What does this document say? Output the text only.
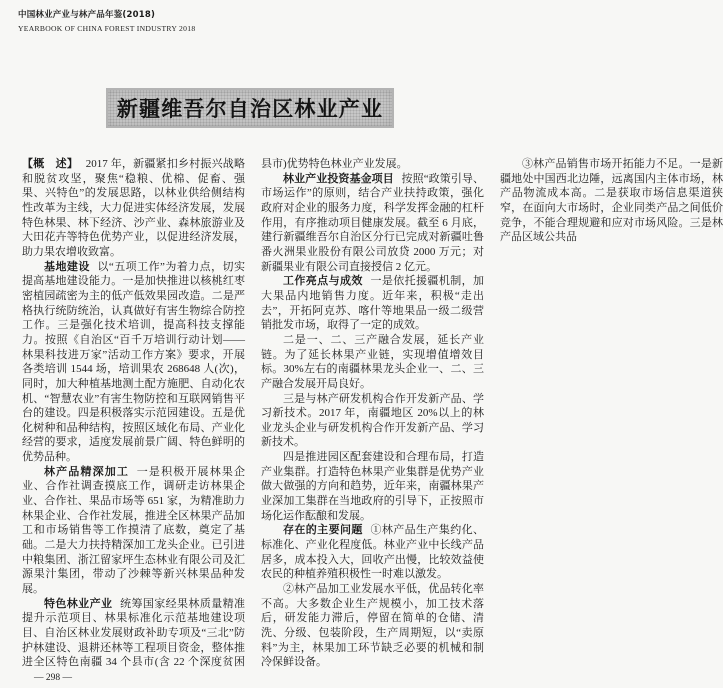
中国林业产业与林产品年鉴(2018)
YEARBOOK OF CHINA FOREST INDUSTRY 2018
新疆维吾尔自治区林业产业

【概　述】 2017 年，新疆紧扣乡村振兴战略和脱贫攻坚，聚焦“稳粮、优棉、促畜、强果、兴特色”的发展思路，以林业供给侧结构性改革为主线，大力促进实体经济发展，发展特色林果、林下经济、沙产业、森林旅游业及大田花卉等特色优势产业，以促进经济发展，助力果农增收致富。

基地建设 以“五项工作”为着力点，切实提高基地建设能力。一是加快推进以核桃红枣密植园疏密为主的低产低效果园改造。二是严格执行统防统治，认真做好有害生物综合防控工作。三是强化技术培训，提高科技支撑能力。按照《自治区“百千万培训行动计划——林果科技进万家”活动工作方案》要求，开展各类培训 1544 场，培训果农 268648 人(次)，同时，加大种植基地测土配方施肥、自动化农机、“智慧农业”有害生物防控和互联网销售平台的建设。四是积极落实示范园建设。五是优化树种和品种结构，按照区域化布局、产业化经营的要求，适度发展前景广阔、特色鲜明的优势品种。

林产品精深加工 一是积极开展林果企业、合作社调查摸底工作，调研走访林果企业、合作社、果品市场等 651 家，为精准助力林果企业、合作社发展，推进全区林果产品加工和市场销售等工作摸清了底数，奠定了基础。二是大力扶持精深加工龙头企业。已引进中粮集团、浙江留家坪生态林业有限公司及汇源果汁集团，带动了沙棘等新兴林果品种发展。

特色林业产业 统筹国家经果林质量精准提升示范项目、林果标准化示范基地建设项目、自治区林业发展财政补助专项及“三北”防护林建设、退耕还林等工程项目资金，整体推进全区特色南疆 34 个县市(含 22 个深度贫困县市)优势特色林业产业发展。

林业产业投资基金项目 按照“政策引导、市场运作”的原则，结合产业扶持政策，强化政府对企业的服务力度，科学发挥金融的杠杆作用，有序推动项目健康发展。截至 6 月底，建行新疆维吾尔自治区分行已完成对新疆吐鲁番火洲果业股份有限公司放贷 2000 万元；对新疆果业有限公司直接授信 2 亿元。

工作亮点与成效 一是依托援疆机制，加大果品内地销售力度。近年来，积极“走出去”，开拓阿克苏、喀什等地果品一级二级营销批发市场，取得了一定的成效。

二是一、二、三产融合发展，延长产业链。为了延长林果产业链，实现增值增效目标。30%左右的南疆林果龙头企业一、二、三产融合发展开局良好。

三是与林产研发机构合作开发新产品、学习新技术。2017 年，南疆地区 20%以上的林业龙头企业与研发机构合作开发新产品、学习新技术。

四是推进园区配套建设和合理布局，打造产业集群。打造特色林果产业集群是优势产业做大做强的方向和趋势，近年来，南疆林果产业深加工集群在当地政府的引导下，正按照市场化运作酝酿和发展。

存在的主要问题 ①林产品生产集约化、标准化、产业化程度低。林业产业中长线产品居多，成本投入大，回收产出慢，比较效益使农民的种植养殖积极性一时难以激发。

②林产品加工业发展水平低，优品转化率不高。大多数企业生产规模小，加工技术落后，研发能力滞后，停留在简单的仓储、清洗、分级、包装阶段，生产周期短，以“卖原料”为主，林果加工环节缺乏必要的机械和制冷保鲜设备。

③林产品销售市场开拓能力不足。一是新疆地处中国西北边陲，远离国内主体市场，林产品物流成本高。二是获取市场信息渠道狭窄，在面向大市场时，企业同类产品之间低价竞争，不能合理规避和应对市场风险。三是林产品区域公共品

— 298 —
